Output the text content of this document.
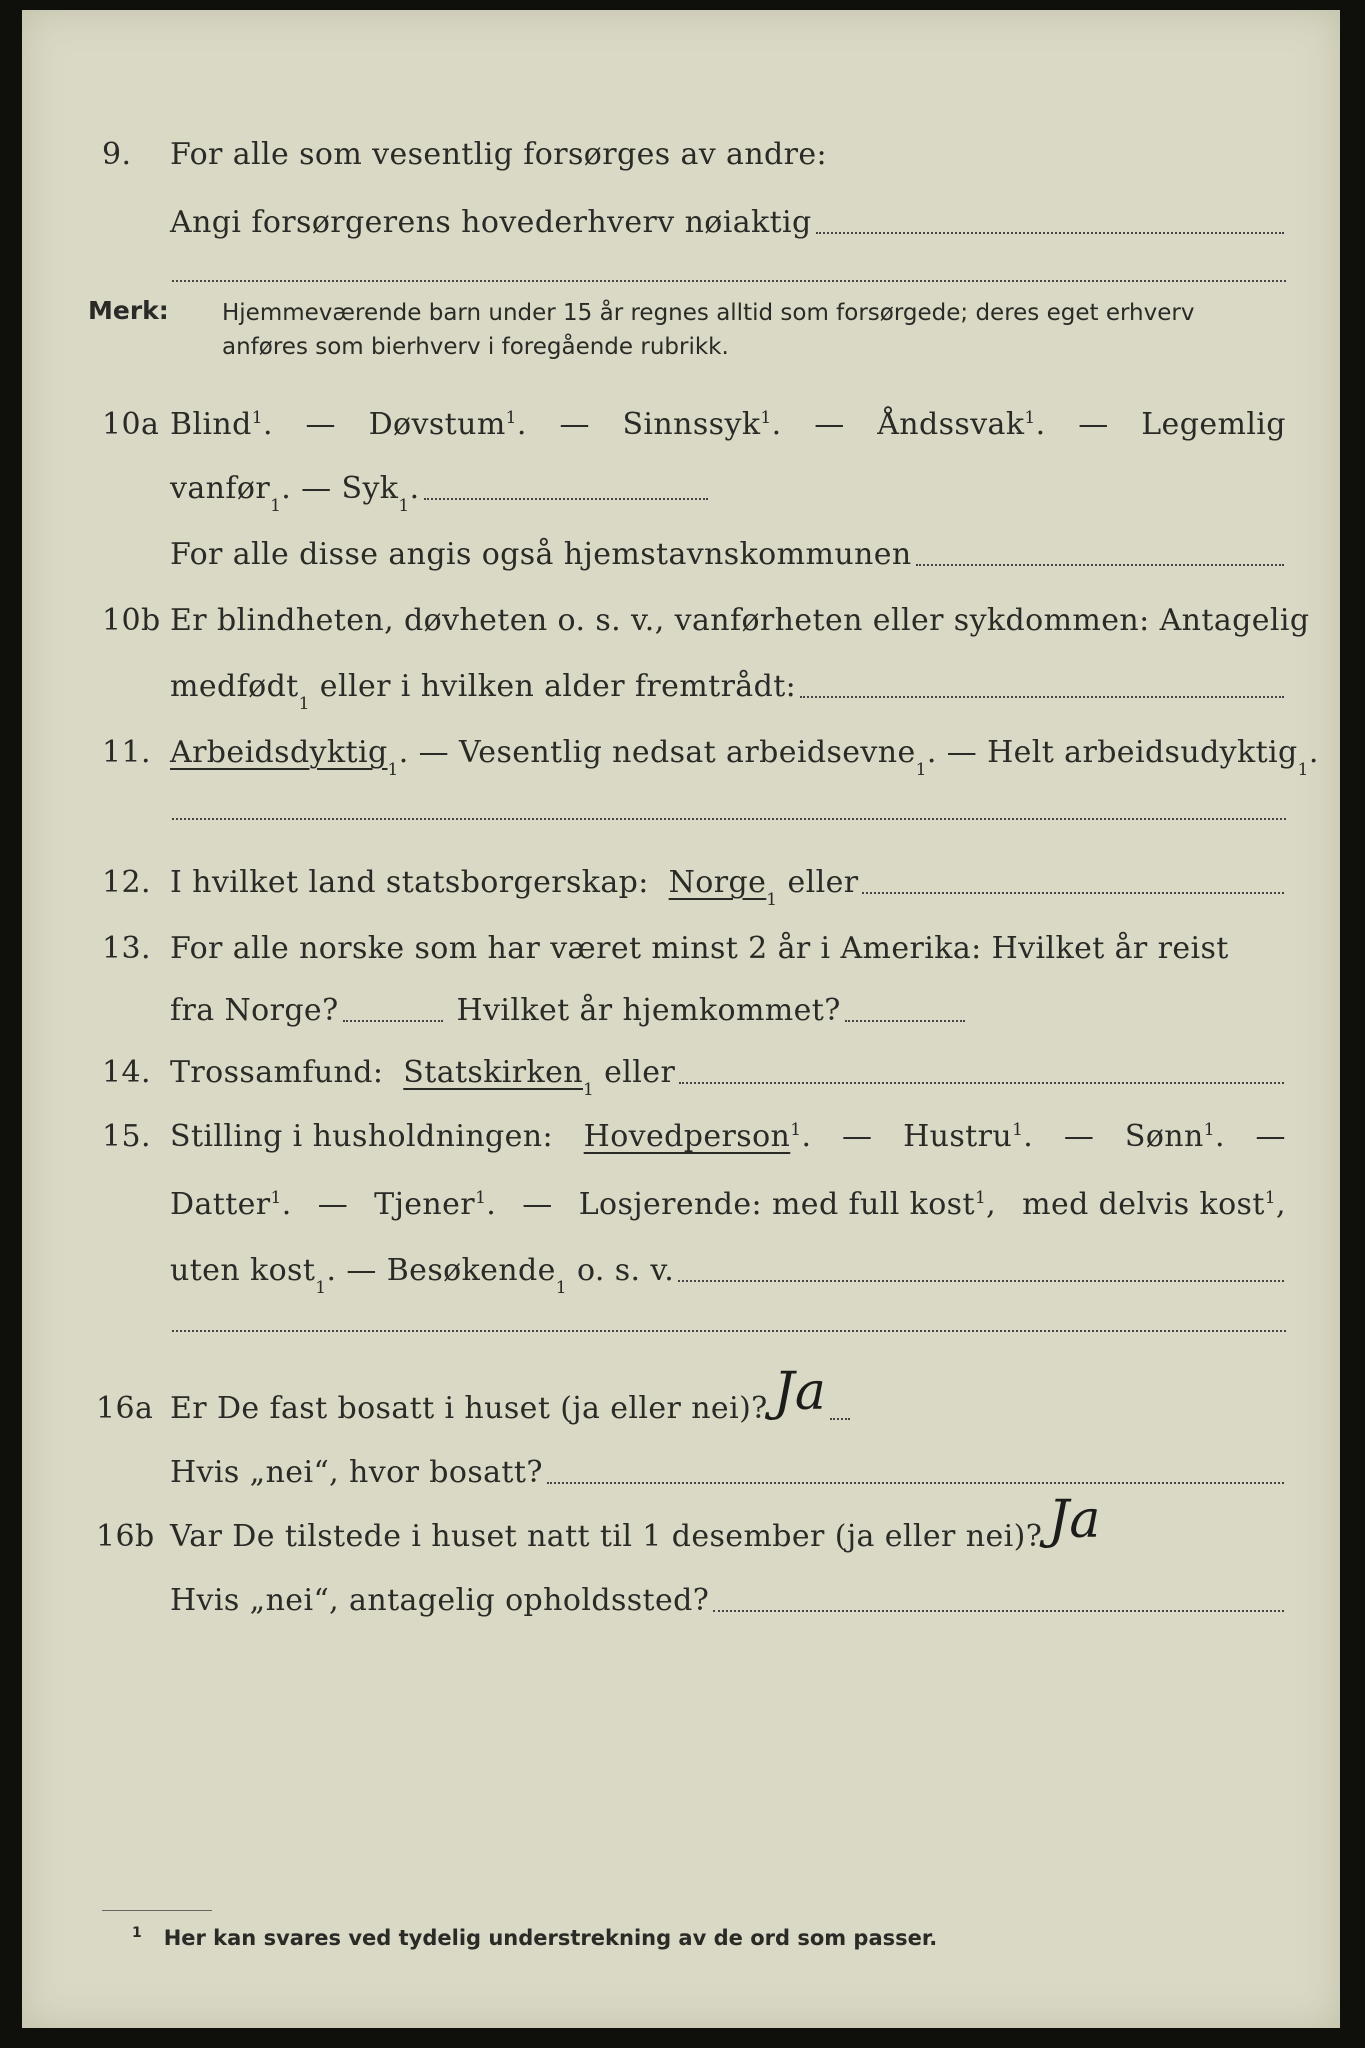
9. For alle som vesentlig forsørges av andre:
Angi forsørgerens hovederhverv nøiaktig
Merk: Hjemmeværende barn under 15 år regnes alltid som forsørgede; deres eget erhverv
anføres som bierhverv i foregående rubrikk.
10a Blind$^1$. — Døvstum$^1$. — Sinnssyk$^1$. — Åndssvak$^1$. — Legemlig
vanfør 1 . — Syk 1 .
For alle disse angis også hjemstavnskommunen
10b Er blindheten, døvheten o. s. v., vanførheten eller sykdommen: Antagelig
medfødt 1
eller i hvilken alder fremtrådt:
11. Arbeidsdyktig 1 . — Vesentlig nedsat arbeidsevne 1 . — Helt arbeidsudyktig 1 .
12. I hvilket land statsborgerskap:
Norge 1
eller
13. For alle norske som har været minst 2 år i Amerika: Hvilket år reist
fra Norge?
	Hvilket år hjemkommet?
14. Trossamfund:
Statskirken 1
eller
15. Stilling i husholdningen: Hovedperson$^1$. — Hustru$^1$. — Sønn$^1$. —
Datter$^1$. — Tjener$^1$. — Losjerende: med full kost$^1$, med delvis kost$^1$,
uten kost 1 . — Besøkende 1
o. s. v.
16a Er De fast bosatt i huset (ja eller nei)? Ja
Hvis „nei“, hvor bosatt?
16b Var De tilstede i huset natt til 1 desember (ja eller nei)? Ja
Hvis „nei“, antagelig opholdssted?
$^1$ Her kan svares ved tydelig understrekning av de ord som passer.
